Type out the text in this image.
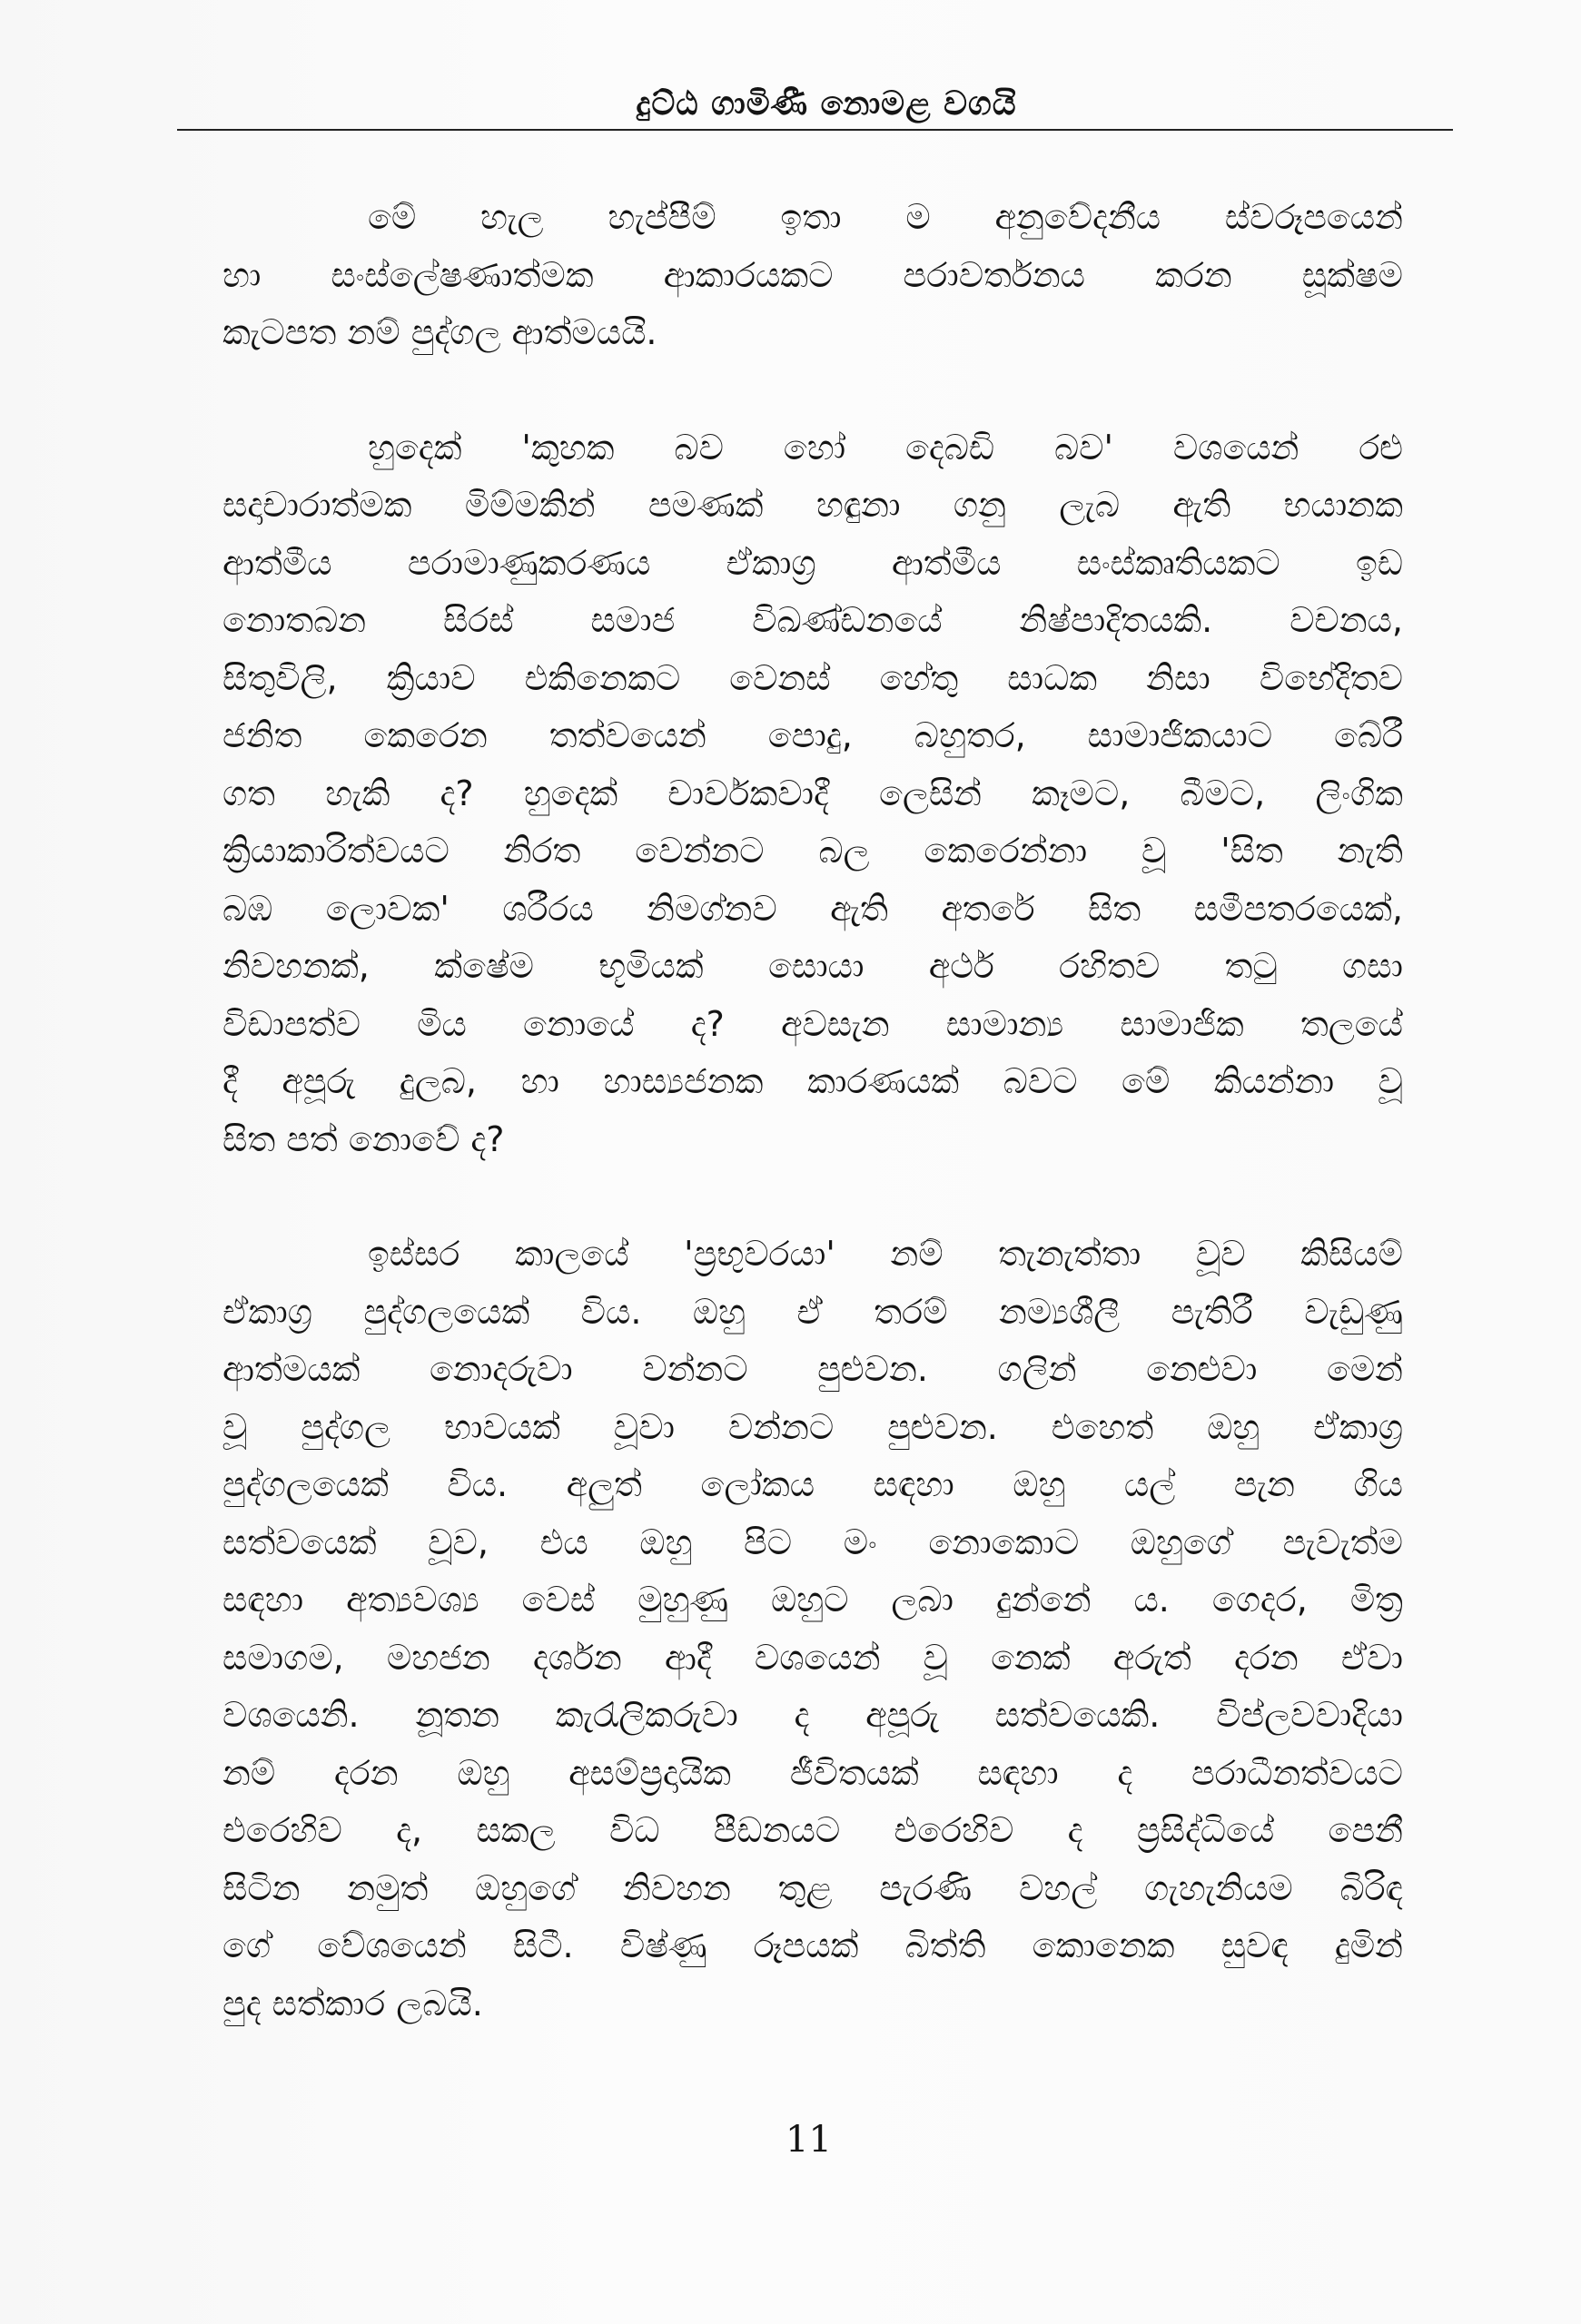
දුට්ඨ ගාමිණී නොමළ වගයි
මේ හැල හැප්පීම් ඉතා ම අනුවේදනීය ස්වරූපයෙන්
හා සංස්ලේෂණාත්මක ආකාරයකට පරාවර්තනය කරන සූක්ෂම
කැටපත නම් පුද්ගල ආත්මයයි.
හුදෙක් 'කුහක බව හෝ දෙබඩි බව' වශයෙන් රළු
සදාචාරාත්මක මිම්මකින් පමණක් හඳුනා ගනු ලැබ ඇති භයානක
ආත්මීය පරාමාණුකරණය ඒකාග්‍ර ආත්මීය සංස්කෘතියකට ඉඩ
නොතබන සිරස් සමාජ විඛණ්ඩනයේ නිෂ්පාදිතයකි. වචනය,
සිතුවිලි, ක්‍රියාව එකිනෙකට වෙනස් හේතු සාධක නිසා විභේදිතව
ජනිත කෙරෙන තත්වයෙන් පොදු, බහුතර, සාමාජිකයාට බේරී
ගත හැකි ද? හුදෙක් චාර්වකවාදී ලෙසින් කෑමට, බීමට, ලිංගික
ක්‍රියාකාරිත්වයට නිරත වෙන්නට බල කෙරෙන්නා වූ 'සිත නැති
බඹ ලොවක' ශරීරය නිමග්නව ඇති අතරේ සිත සමීපතරයෙක්,
නිවහනක්, ක්ෂේම භූමියක් සොයා අර්ථ රහිතව තටු ගසා
විඩාපත්ව මිය නොයේ ද? අවසැන සාමාන්‍ය සාමාජික තලයේ
දී අපූරු දුලබ, හා හාස්‍යජනක කාරණයක් බවට මේ කියන්නා වූ
සිත පත් නොවේ ද?
ඉස්සර කාලයේ 'ප්‍රභුවරයා' නම් තැනැත්තා වූව කිසියම්
ඒකාග්‍ර පුද්ගලයෙක් විය. ඔහු ඒ තරම් නම්‍යශීලී පැතිරී වැඩුණු
ආත්මයක් නොදරුවා වන්නට පුළුවන. ගලින් නෙළුවා මෙන්
වූ පුද්ගල භාවයක් වූවා වන්නට පුළුවන. එහෙත් ඔහු ඒකාග්‍ර
පුද්ගලයෙක් විය. අලුත් ලෝකය සඳහා ඔහු යල් පැන ගිය
සත්වයෙක් වූව, එය ඔහු පිට මං නොකොට ඔහුගේ පැවැත්ම
සඳහා අත්‍යවශ්‍ය වෙස් මුහුණු ඔහුට ලබා දුන්නේ ය. ගෙදර, මිත්‍ර
සමාගම, මහජන දර්ශන ආදී වශයෙන් වූ නෙක් අරුත් දරන ඒවා
වශයෙනි. නූතන කැරැලිකරුවා ද අපූරු සත්වයෙකි. විප්ලවවාදියා
නම් දරන ඔහු අසම්ප්‍රදායික ජීවිතයක් සඳහා ද පරාධීනත්වයට
එරෙහිව ද, සකල විධ පීඩනයට එරෙහිව ද ප්‍රසිද්ධියේ පෙනී
සිටින නමුත් ඔහුගේ නිවහන තුළ පැරණි වහල් ගැහැනියම බිරිඳ
ගේ වේශයෙන් සිටී. විෂ්ණු රූපයක් බිත්ති කොනෙක සුවඳ දුමින්
පුද සත්කාර ලබයි.
11
